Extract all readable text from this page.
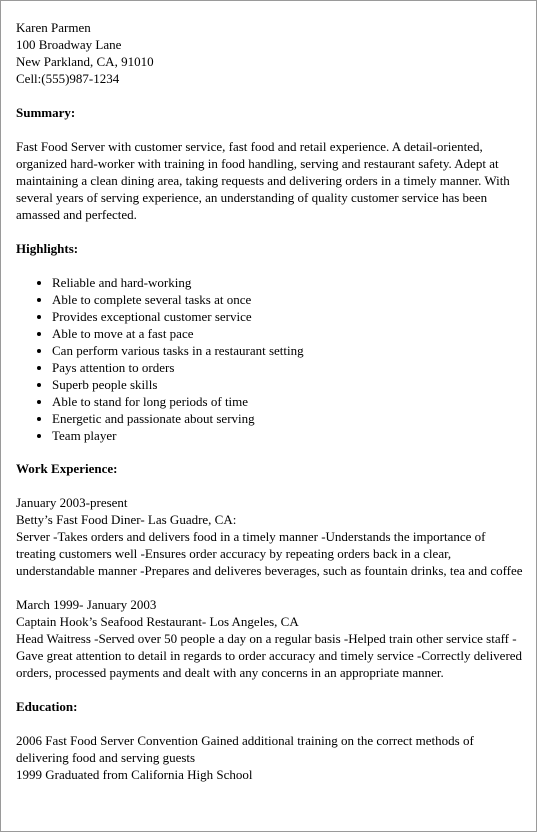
Karen Parmen

100 Broadway Lane

New Parkland, CA, 91010

Cell:(555)987-1234

Summary:

Fast Food Server with customer service, fast food and retail experience. A detail-oriented, organized hard-worker with training in food handling, serving and restaurant safety. Adept at maintaining a clean dining area, taking requests and delivering orders in a timely manner. With several years of serving experience, an understanding of quality customer service has been amassed and perfected.

Highlights:

• Reliable and hard-working
• Able to complete several tasks at once
• Provides exceptional customer service
• Able to move at a fast pace
• Can perform various tasks in a restaurant setting
• Pays attention to orders
• Superb people skills
• Able to stand for long periods of time
• Energetic and passionate about serving
• Team player

Work Experience:

January 2003-present

Betty’s Fast Food Diner- Las Guadre, CA:

Server -Takes orders and delivers food in a timely manner -Understands the importance of treating customers well -Ensures order accuracy by repeating orders back in a clear, understandable manner -Prepares and deliveres beverages, such as fountain drinks, tea and coffee

March 1999- January 2003

Captain Hook’s Seafood Restaurant- Los Angeles, CA

Head Waitress -Served over 50 people a day on a regular basis -Helped train other service staff -Gave great attention to detail in regards to order accuracy and timely service -Correctly delivered orders, processed payments and dealt with any concerns in an appropriate manner.

Education:

2006 Fast Food Server Convention Gained additional training on the correct methods of delivering food and serving guests

1999 Graduated from California High School
